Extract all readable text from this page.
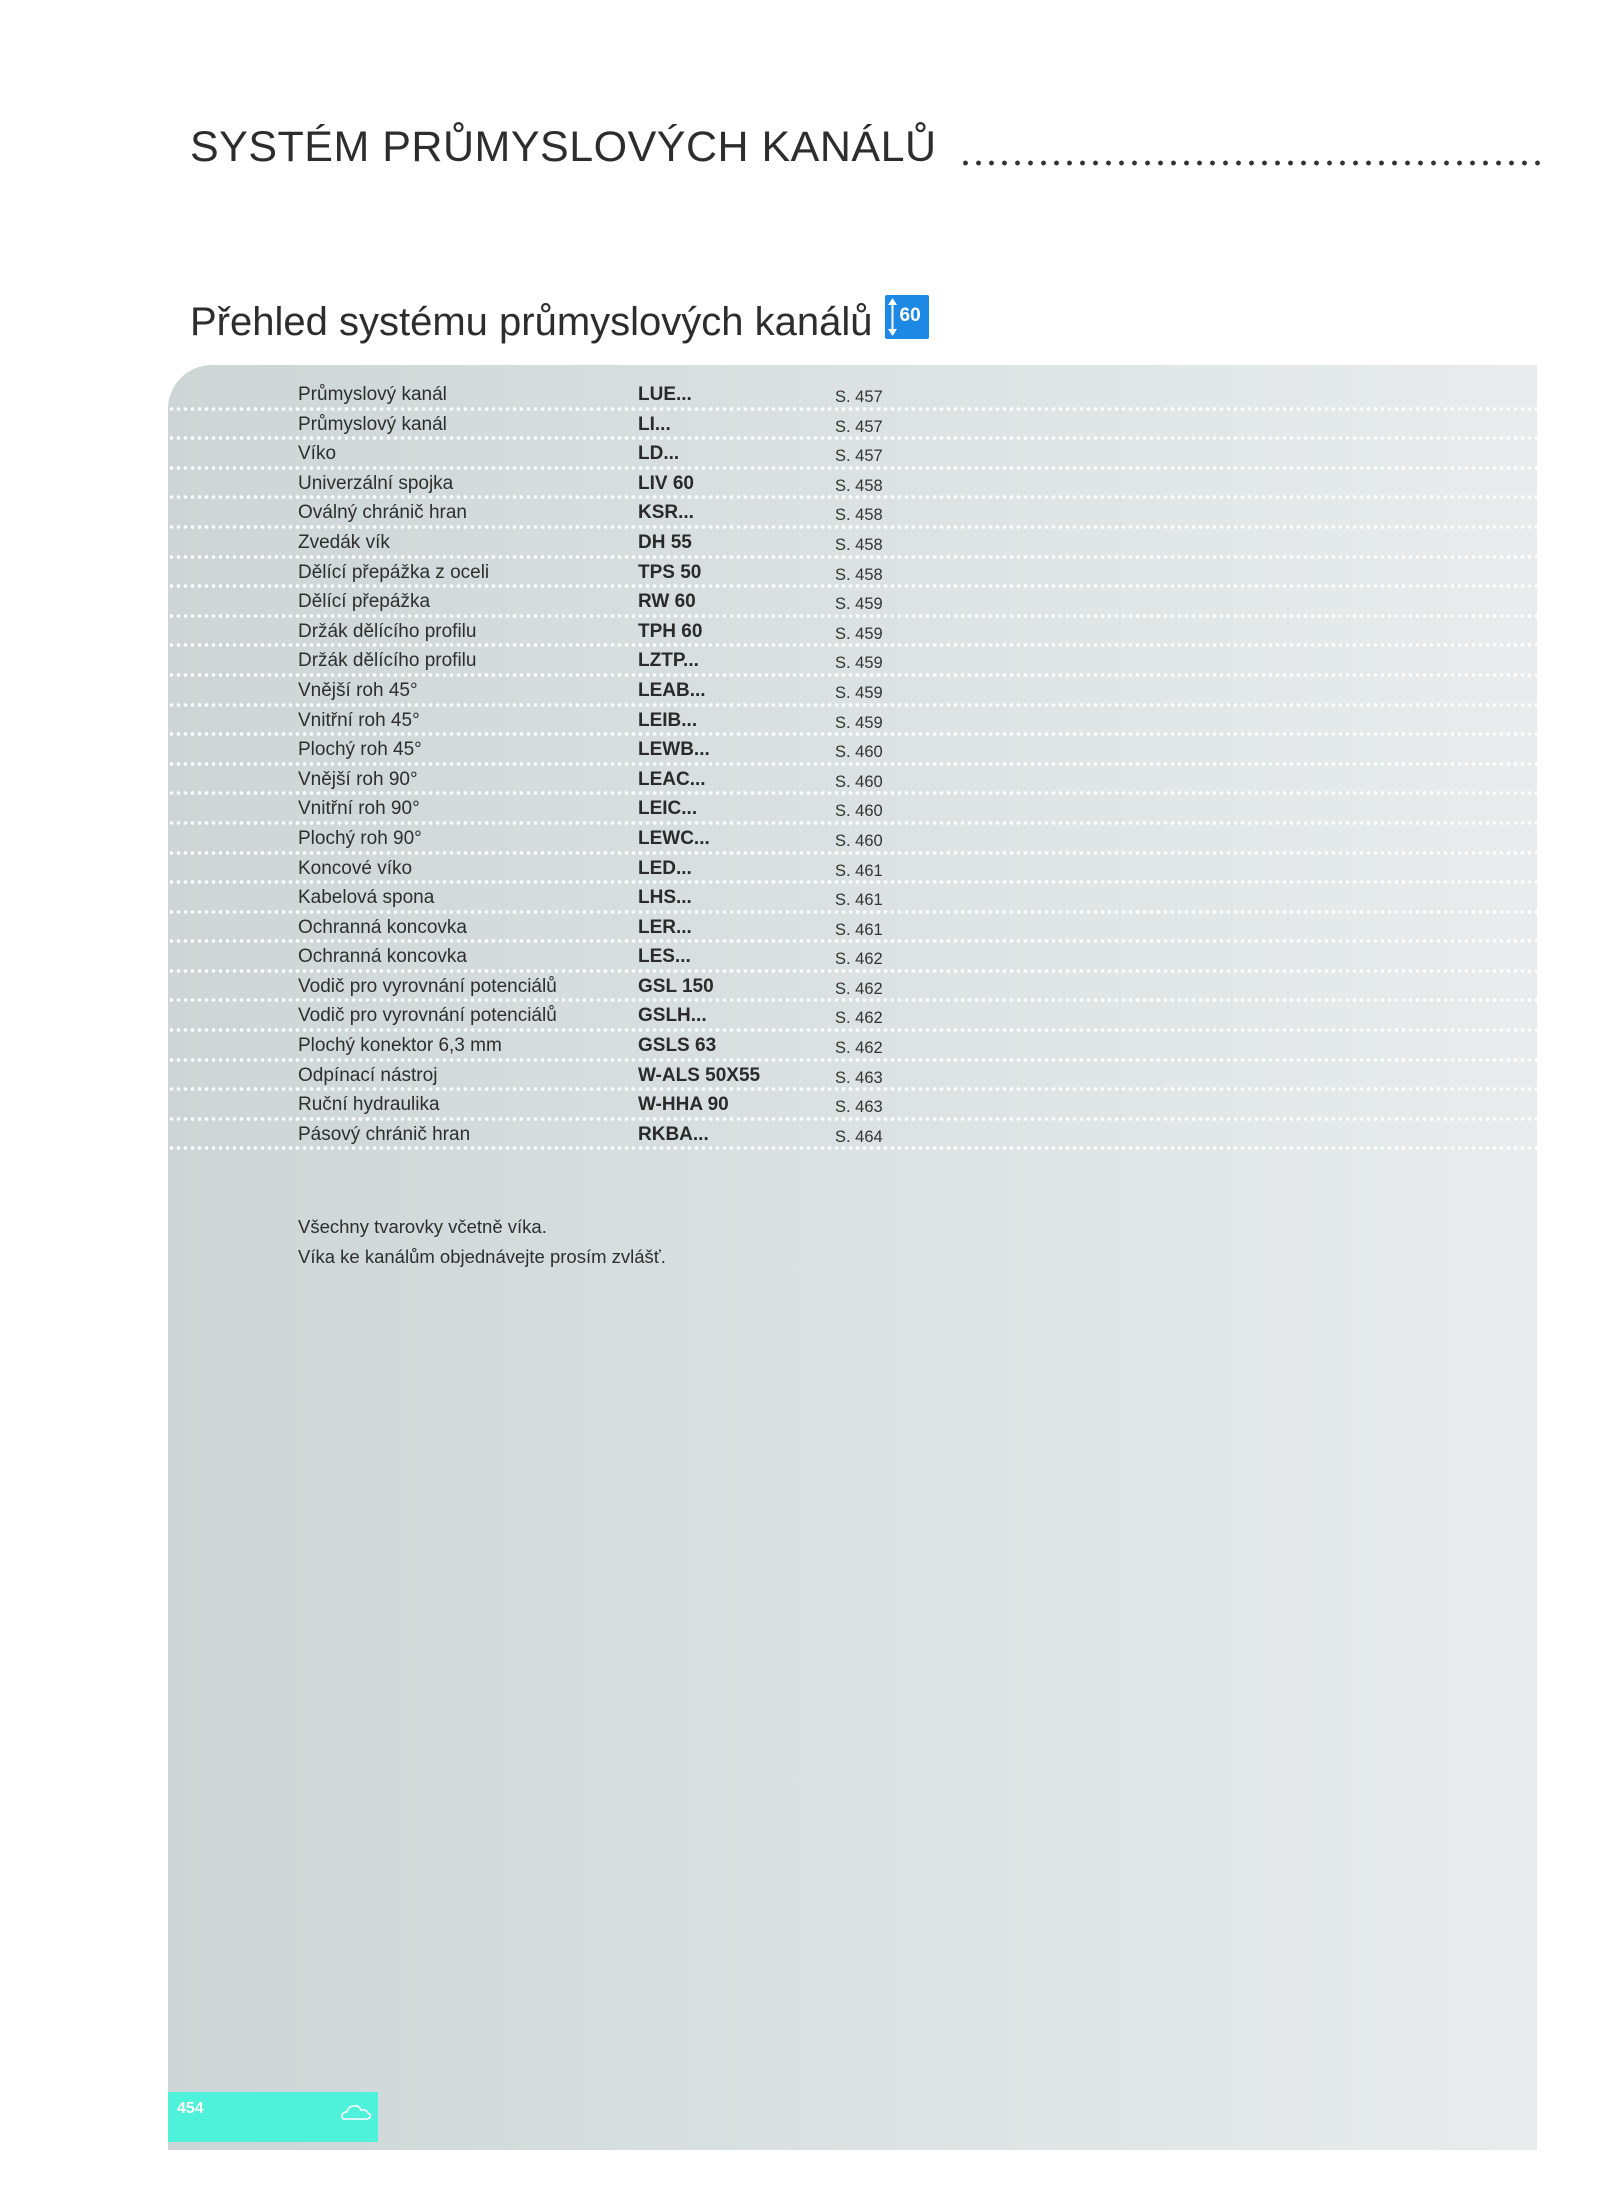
SYSTÉM PRŮMYSLOVÝCH KANÁLŮ
Přehled systému průmyslových kanálů 60
Průmyslový kanál	LUE...	S. 457
Průmyslový kanál	LI...	S. 457
Víko	LD...	S. 457
Univerzální spojka	LIV 60	S. 458
Oválný chránič hran	KSR...	S. 458
Zvedák vík	DH 55	S. 458
Dělící přepážka z oceli	TPS 50	S. 458
Dělící přepážka	RW 60	S. 459
Držák dělícího profilu	TPH 60	S. 459
Držák dělícího profilu	LZTP...	S. 459
Vnější roh 45°	LEAB...	S. 459
Vnitřní roh 45°	LEIB...	S. 459
Plochý roh 45°	LEWB...	S. 460
Vnější roh 90°	LEAC...	S. 460
Vnitřní roh 90°	LEIC...	S. 460
Plochý roh 90°	LEWC...	S. 460
Koncové víko	LED...	S. 461
Kabelová spona	LHS...	S. 461
Ochranná koncovka	LER...	S. 461
Ochranná koncovka	LES...	S. 462
Vodič pro vyrovnání potenciálů	GSL 150	S. 462
Vodič pro vyrovnání potenciálů	GSLH...	S. 462
Plochý konektor 6,3 mm	GSLS 63	S. 462
Odpínací nástroj	W-ALS 50X55	S. 463
Ruční hydraulika	W-HHA 90	S. 463
Pásový chránič hran	RKBA...	S. 464
Všechny tvarovky včetně víka.
Víka ke kanálům objednávejte prosím zvlášť.
454
